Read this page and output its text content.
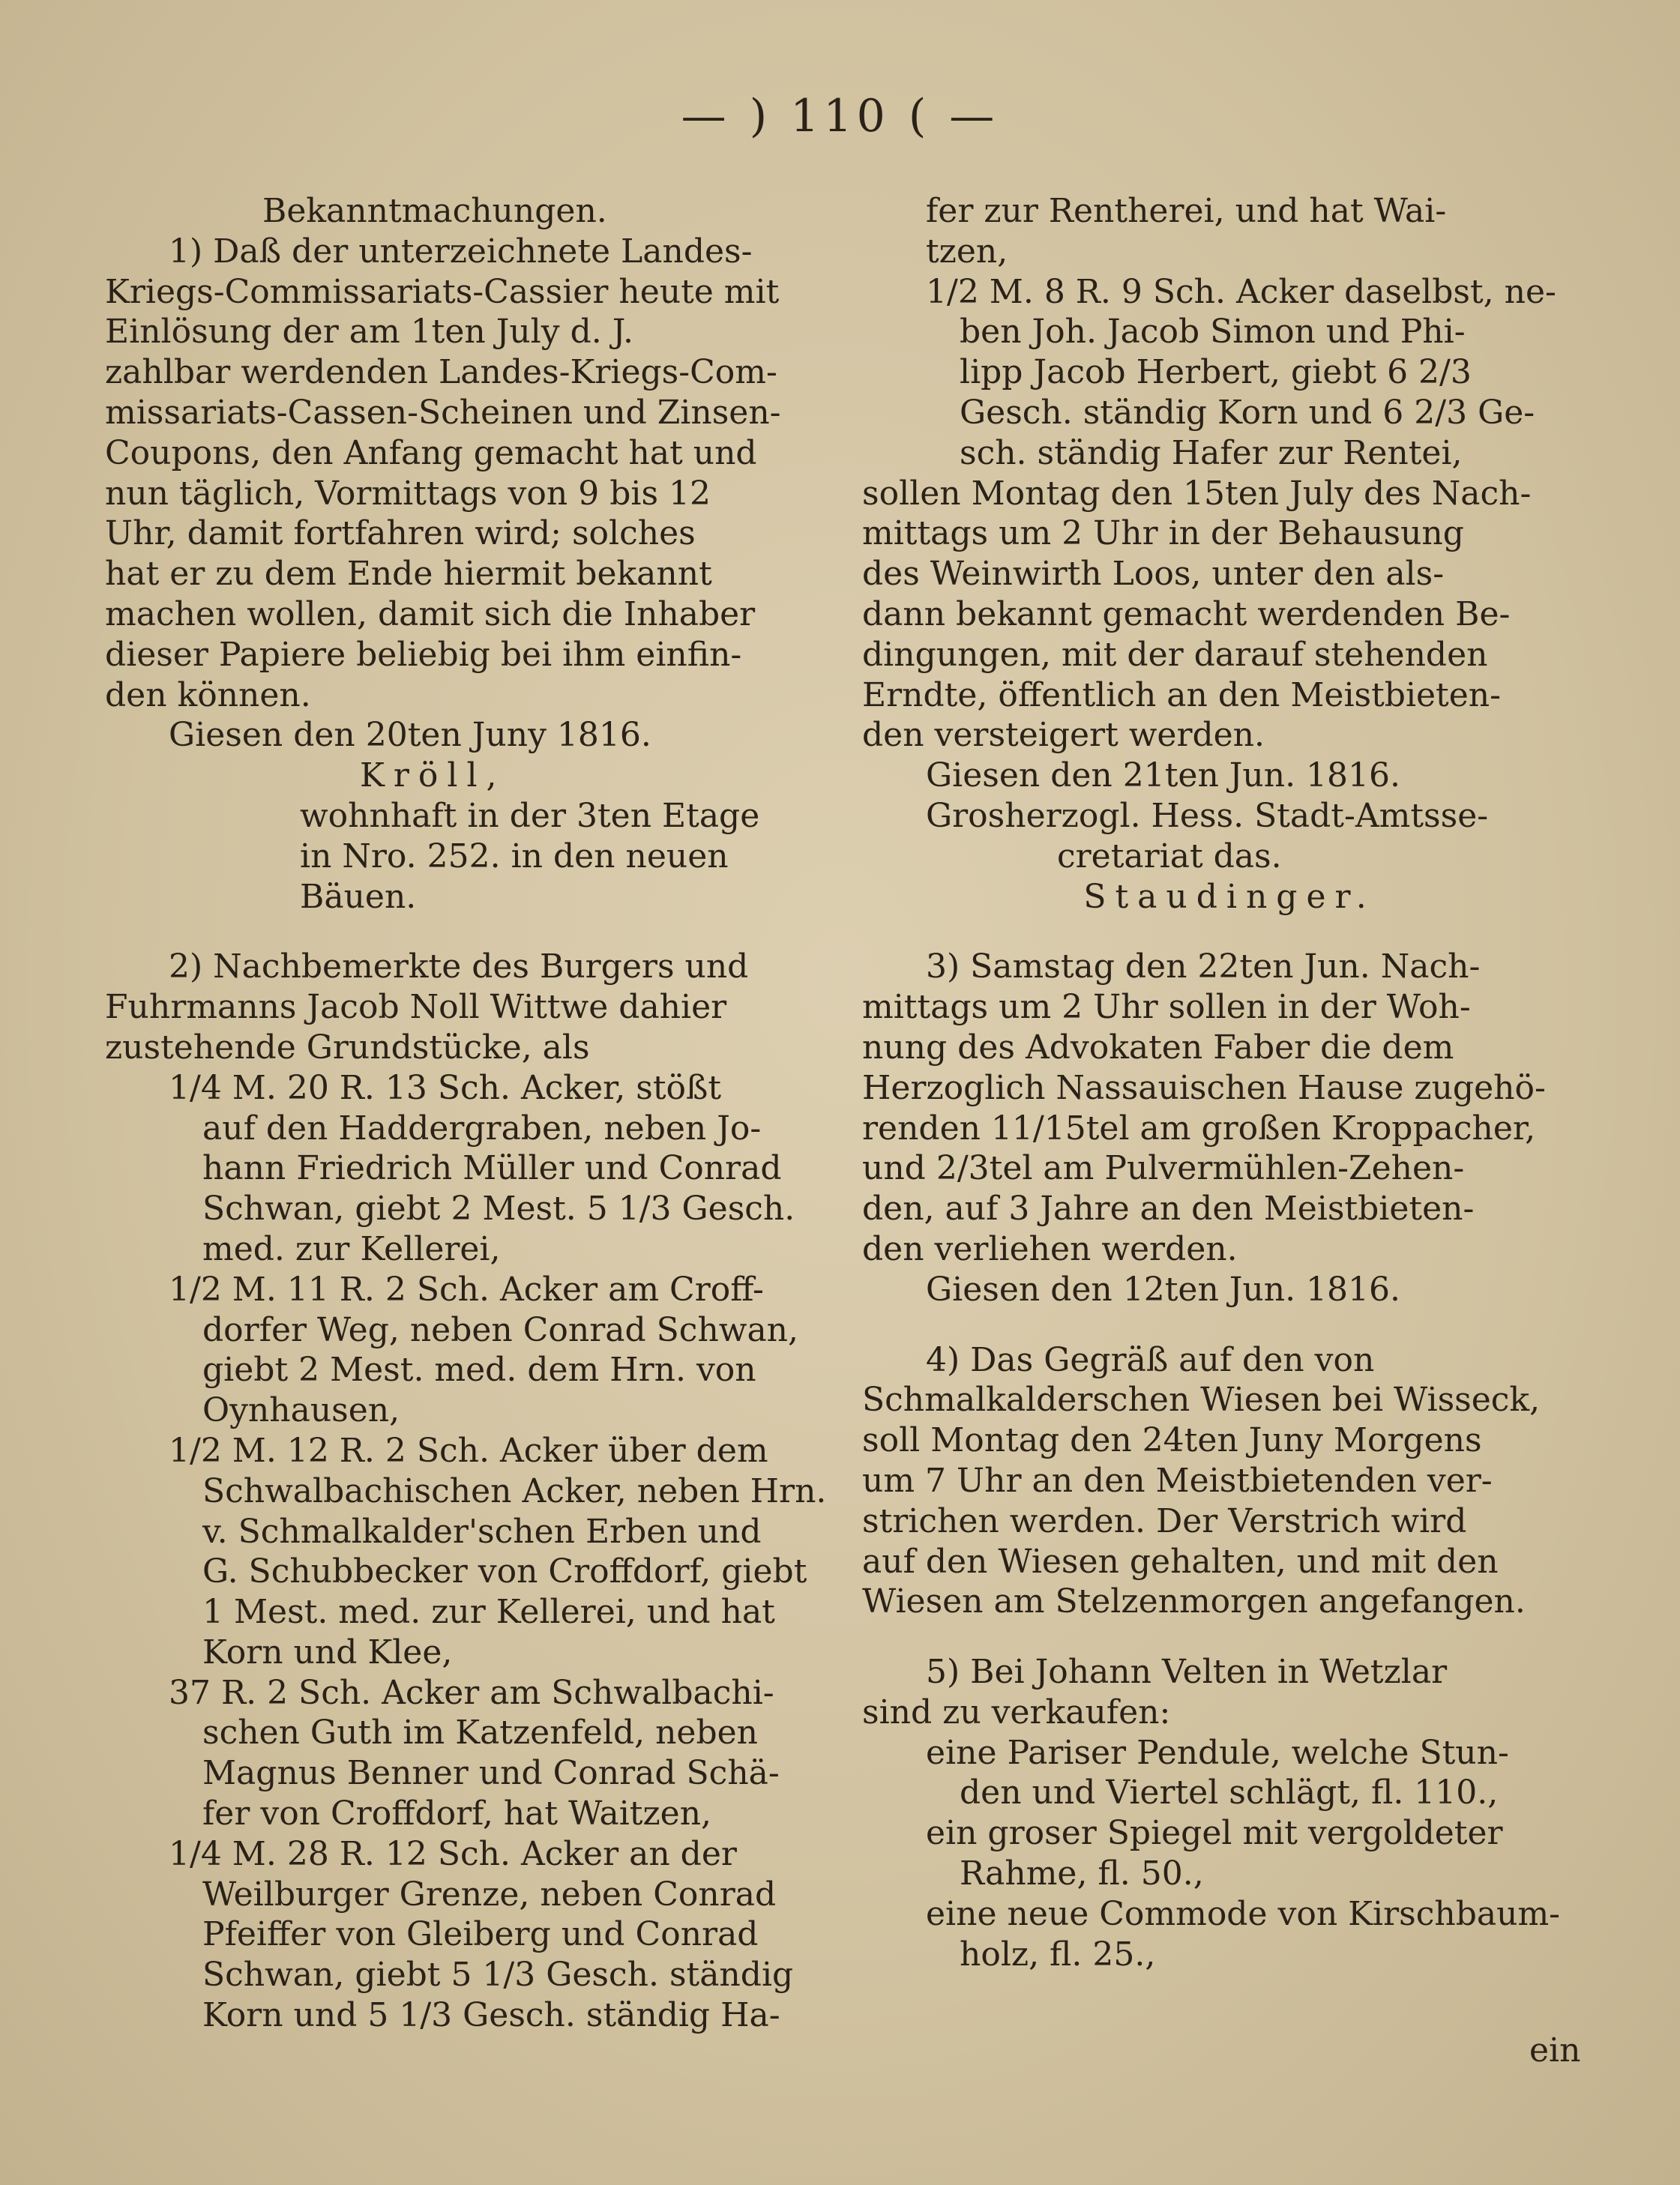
— ) 110 ( —
Bekanntmachungen.
1) Daß der unterzeichnete Landes-
Kriegs-Commissariats-Cassier heute mit
Einlösung der am 1ten July d. J.
zahlbar werdenden Landes-Kriegs-Com-
missariats-Cassen-Scheinen und Zinsen-
Coupons, den Anfang gemacht hat und
nun täglich, Vormittags von 9 bis 12
Uhr, damit fortfahren wird; solches
hat er zu dem Ende hiermit bekannt
machen wollen, damit sich die Inhaber
dieser Papiere beliebig bei ihm einfin-
den können.
Giesen den 20ten Juny 1816.
Kröll,
wohnhaft in der 3ten Etage
in Nro. 252. in den neuen
Bäuen.
2) Nachbemerkte des Burgers und
Fuhrmanns Jacob Noll Wittwe dahier
zustehende Grundstücke, als
1/4 M. 20 R. 13 Sch. Acker, stößt
auf den Haddergraben, neben Jo-
hann Friedrich Müller und Conrad
Schwan, giebt 2 Mest. 5 1/3 Gesch.
med. zur Kellerei,
1/2 M. 11 R. 2 Sch. Acker am Croff-
dorfer Weg, neben Conrad Schwan,
giebt 2 Mest. med. dem Hrn. von
Oynhausen,
1/2 M. 12 R. 2 Sch. Acker über dem
Schwalbachischen Acker, neben Hrn.
v. Schmalkalder'schen Erben und
G. Schubbecker von Croffdorf, giebt
1 Mest. med. zur Kellerei, und hat
Korn und Klee,
37 R. 2 Sch. Acker am Schwalbachi-
schen Guth im Katzenfeld, neben
Magnus Benner und Conrad Schä-
fer von Croffdorf, hat Waitzen,
1/4 M. 28 R. 12 Sch. Acker an der
Weilburger Grenze, neben Conrad
Pfeiffer von Gleiberg und Conrad
Schwan, giebt 5 1/3 Gesch. ständig
Korn und 5 1/3 Gesch. ständig Ha-
fer zur Rentherei, und hat Wai-
tzen,
1/2 M. 8 R. 9 Sch. Acker daselbst, ne-
ben Joh. Jacob Simon und Phi-
lipp Jacob Herbert, giebt 6 2/3
Gesch. ständig Korn und 6 2/3 Ge-
sch. ständig Hafer zur Rentei,
sollen Montag den 15ten July des Nach-
mittags um 2 Uhr in der Behausung
des Weinwirth Loos, unter den als-
dann bekannt gemacht werdenden Be-
dingungen, mit der darauf stehenden
Erndte, öffentlich an den Meistbieten-
den versteigert werden.
Giesen den 21ten Jun. 1816.
Grosherzogl. Hess. Stadt-Amtsse-
cretariat das.
Staudinger.
3) Samstag den 22ten Jun. Nach-
mittags um 2 Uhr sollen in der Woh-
nung des Advokaten Faber die dem
Herzoglich Nassauischen Hause zugehö-
renden 11/15tel am großen Kroppacher,
und 2/3tel am Pulvermühlen-Zehen-
den, auf 3 Jahre an den Meistbieten-
den verliehen werden.
Giesen den 12ten Jun. 1816.
4) Das Gegräß auf den von
Schmalkalderschen Wiesen bei Wisseck,
soll Montag den 24ten Juny Morgens
um 7 Uhr an den Meistbietenden ver-
strichen werden. Der Verstrich wird
auf den Wiesen gehalten, und mit den
Wiesen am Stelzenmorgen angefangen.
5) Bei Johann Velten in Wetzlar
sind zu verkaufen:
eine Pariser Pendule, welche Stun-
den und Viertel schlägt, fl. 110.,
ein groser Spiegel mit vergoldeter
Rahme, fl. 50.,
eine neue Commode von Kirschbaum-
holz, fl. 25.,
ein
